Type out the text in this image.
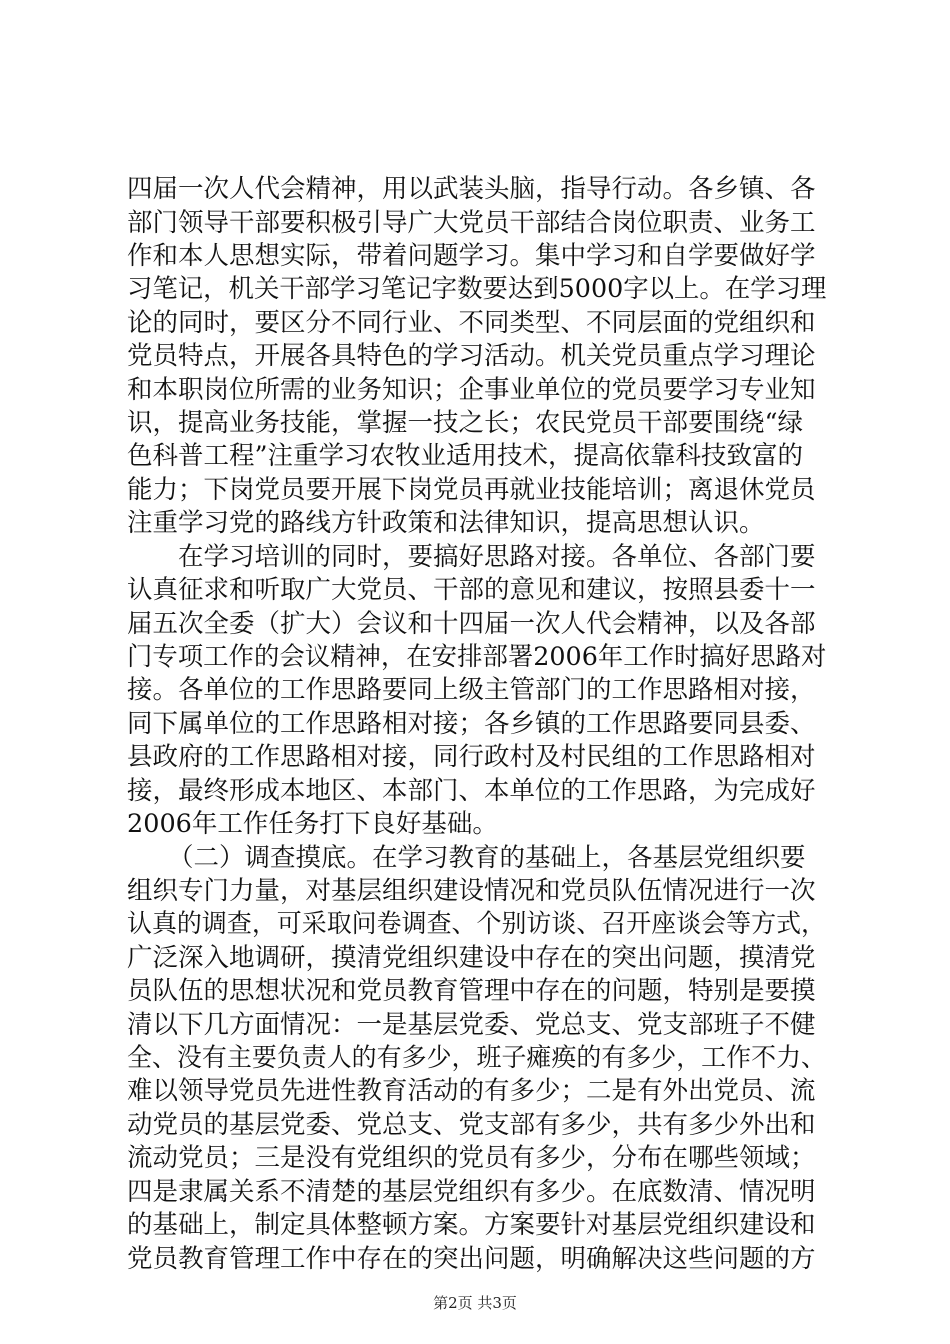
四届一次人代会精神，用以武装头脑，指导行动。各乡镇、各
部门领导干部要积极引导广大党员干部结合岗位职责、业务工
作和本人思想实际，带着问题学习。集中学习和自学要做好学
习笔记，机关干部学习笔记字数要达到5000字以上。在学习理
论的同时，要区分不同行业、不同类型、不同层面的党组织和
党员特点，开展各具特色的学习活动。机关党员重点学习理论
和本职岗位所需的业务知识；企事业单位的党员要学习专业知
识，提高业务技能，掌握一技之长；农民党员干部要围绕“绿
色科普工程”注重学习农牧业适用技术，提高依靠科技致富的
能力；下岗党员要开展下岗党员再就业技能培训；离退休党员
注重学习党的路线方针政策和法律知识，提高思想认识。
在学习培训的同时，要搞好思路对接。各单位、各部门要
认真征求和听取广大党员、干部的意见和建议，按照县委十一
届五次全委（扩大）会议和十四届一次人代会精神，以及各部
门专项工作的会议精神，在安排部署2006年工作时搞好思路对
接。各单位的工作思路要同上级主管部门的工作思路相对接，
同下属单位的工作思路相对接；各乡镇的工作思路要同县委、
县政府的工作思路相对接，同行政村及村民组的工作思路相对
接，最终形成本地区、本部门、本单位的工作思路，为完成好
2006年工作任务打下良好基础。
（二）调查摸底。在学习教育的基础上，各基层党组织要
组织专门力量，对基层组织建设情况和党员队伍情况进行一次
认真的调查，可采取问卷调查、个别访谈、召开座谈会等方式，
广泛深入地调研，摸清党组织建设中存在的突出问题，摸清党
员队伍的思想状况和党员教育管理中存在的问题，特别是要摸
清以下几方面情况：一是基层党委、党总支、党支部班子不健
全、没有主要负责人的有多少，班子瘫痪的有多少，工作不力、
难以领导党员先进性教育活动的有多少；二是有外出党员、流
动党员的基层党委、党总支、党支部有多少，共有多少外出和
流动党员；三是没有党组织的党员有多少，分布在哪些领域；
四是隶属关系不清楚的基层党组织有多少。在底数清、情况明
的基础上，制定具体整顿方案。方案要针对基层党组织建设和
党员教育管理工作中存在的突出问题，明确解决这些问题的方
第2页 共3页
